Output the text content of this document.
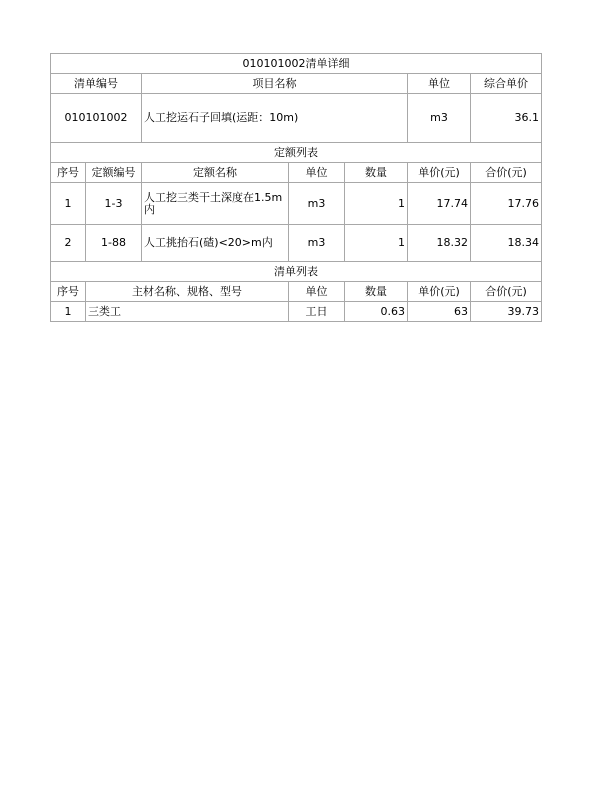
010101002清单详细						
清单编号		项目名称			单位	综合单价
010101002		人工挖运石子回填(运距：10m)			m3	36.1
定额列表						
序号	定额编号	定额名称	单位	数量	单价(元)	合价(元)
1	1-3	人工挖三类干土深度在1.5m内	m3	1	17.74	17.76
2	1-88	人工挑抬石(碴)<20>m内	m3	1	18.32	18.34
清单列表						
序号	主材名称、规格、型号		单位	数量	单价(元)	合价(元)
1	三类工		工日	0.63	63	39.73
